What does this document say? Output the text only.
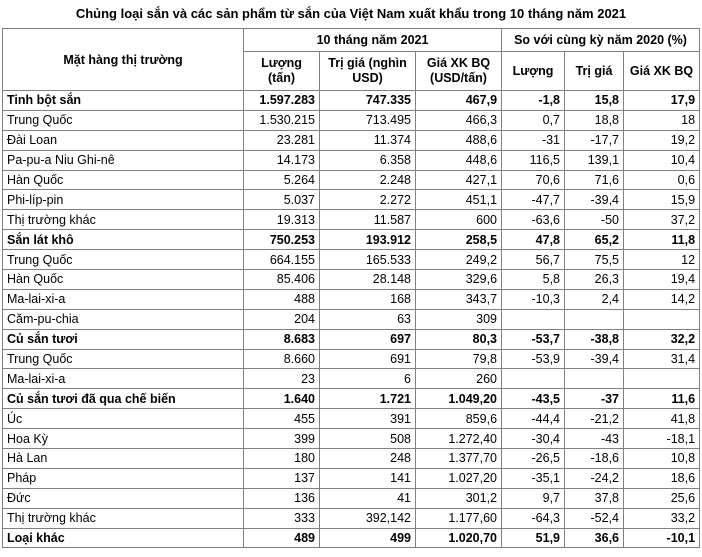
Chủng loại sắn và các sản phẩm từ sắn của Việt Nam xuất khẩu trong 10 tháng năm 2021
Mặt hàng thị trường	10 tháng năm 2021			So với cùng kỳ năm 2020 (%)		
	Lượng (tấn)	Trị giá (nghìn USD)	Giá XK BQ (USD/tấn)	Lượng	Trị giá	Giá XK BQ
Tinh bột sắn	1.597.283	747.335	467,9	-1,8	15,8	17,9
Trung Quốc	1.530.215	713.495	466,3	0,7	18,8	18
Đài Loan	23.281	11.374	488,6	-31	-17,7	19,2
Pa-pu-a Niu Ghi-nê	14.173	6.358	448,6	116,5	139,1	10,4
Hàn Quốc	5.264	2.248	427,1	70,6	71,6	0,6
Phi-líp-pin	5.037	2.272	451,1	-47,7	-39,4	15,9
Thị trường khác	19.313	11.587	600	-63,6	-50	37,2
Sắn lát khô	750.253	193.912	258,5	47,8	65,2	11,8
Trung Quốc	664.155	165.533	249,2	56,7	75,5	12
Hàn Quốc	85.406	28.148	329,6	5,8	26,3	19,4
Ma-lai-xi-a	488	168	343,7	-10,3	2,4	14,2
Căm-pu-chia	204	63	309			
Củ sắn tươi	8.683	697	80,3	-53,7	-38,8	32,2
Trung Quốc	8.660	691	79,8	-53,9	-39,4	31,4
Ma-lai-xi-a	23	6	260			
Củ sắn tươi đã qua chế biến	1.640	1.721	1.049,20	-43,5	-37	11,6
Úc	455	391	859,6	-44,4	-21,2	41,8
Hoa Kỳ	399	508	1.272,40	-30,4	-43	-18,1
Hà Lan	180	248	1.377,70	-26,5	-18,6	10,8
Pháp	137	141	1.027,20	-35,1	-24,2	18,6
Đức	136	41	301,2	9,7	37,8	25,6
Thị trường khác	333	392,142	1.177,60	-64,3	-52,4	33,2
Loại khác	489	499	1.020,70	51,9	36,6	-10,1
